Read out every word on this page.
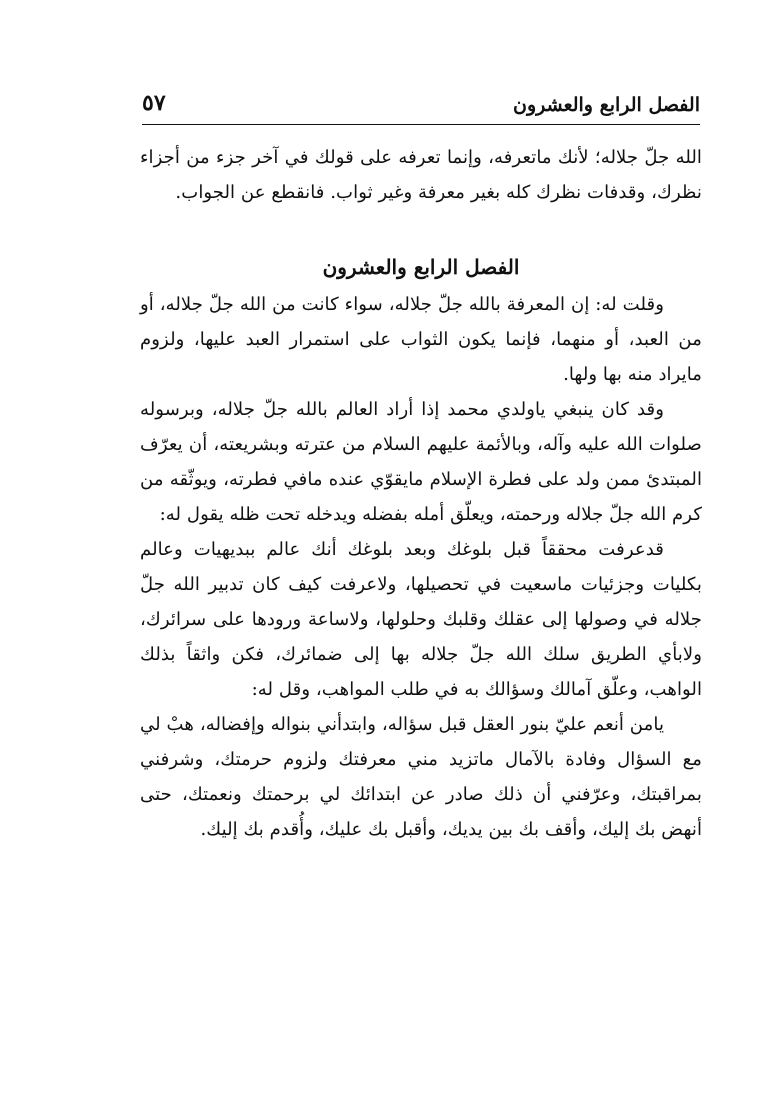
الفصل الرابع والعشرون
٥٧

الله جلّ جلاله؛ لأنك ماتعرفه، وإنما تعرفه على قولك في آخر جزء من أجزاء نظرك، وقدفات نظرك كله بغير معرفة وغير ثواب. فانقطع عن الجواب.

الفصل الرابع والعشرون

وقلت له: إن المعرفة بالله جلّ جلاله، سواء كانت من الله جلّ جلاله، أو من العبد، أو منهما، فإنما يكون الثواب على استمرار العبد عليها، ولزوم مايراد منه بها ولها.

وقد كان ينبغي ياولدي محمد إذا أراد العالم بالله جلّ جلاله، وبرسوله صلوات الله عليه وآله، وبالأئمة عليهم السلام من عترته وبشريعته، أن يعرّف المبتدئ ممن ولد على فطرة الإسلام مايقوّي عنده مافي فطرته، ويوثّقه من كرم الله جلّ جلاله ورحمته، ويعلّق أمله بفضله ويدخله تحت ظله يقول له:

قدعرفت محققاً قبل بلوغك وبعد بلوغك أنك عالم ببديهيات وعالم بكليات وجزئيات ماسعيت في تحصيلها، ولاعرفت كيف كان تدبير الله جلّ جلاله في وصولها إلى عقلك وقلبك وحلولها، ولاساعة ورودها على سرائرك، ولابأي الطريق سلك الله جلّ جلاله بها إلى ضمائرك، فكن واثقاً بذلك الواهب، وعلّق آمالك وسؤالك به في طلب المواهب، وقل له:

يامن أنعم عليّ بنور العقل قبل سؤاله، وابتدأني بنواله وإفضاله، هبْ لي مع السؤال وفادة بالآمال ماتزيد مني معرفتك ولزوم حرمتك، وشرفني بمراقبتك، وعرّفني أن ذلك صادر عن ابتدائك لي برحمتك ونعمتك، حتى أنهض بك إليك، وأقف بك بين يديك، وأقبل بك عليك، وأُقدم بك إليك.
